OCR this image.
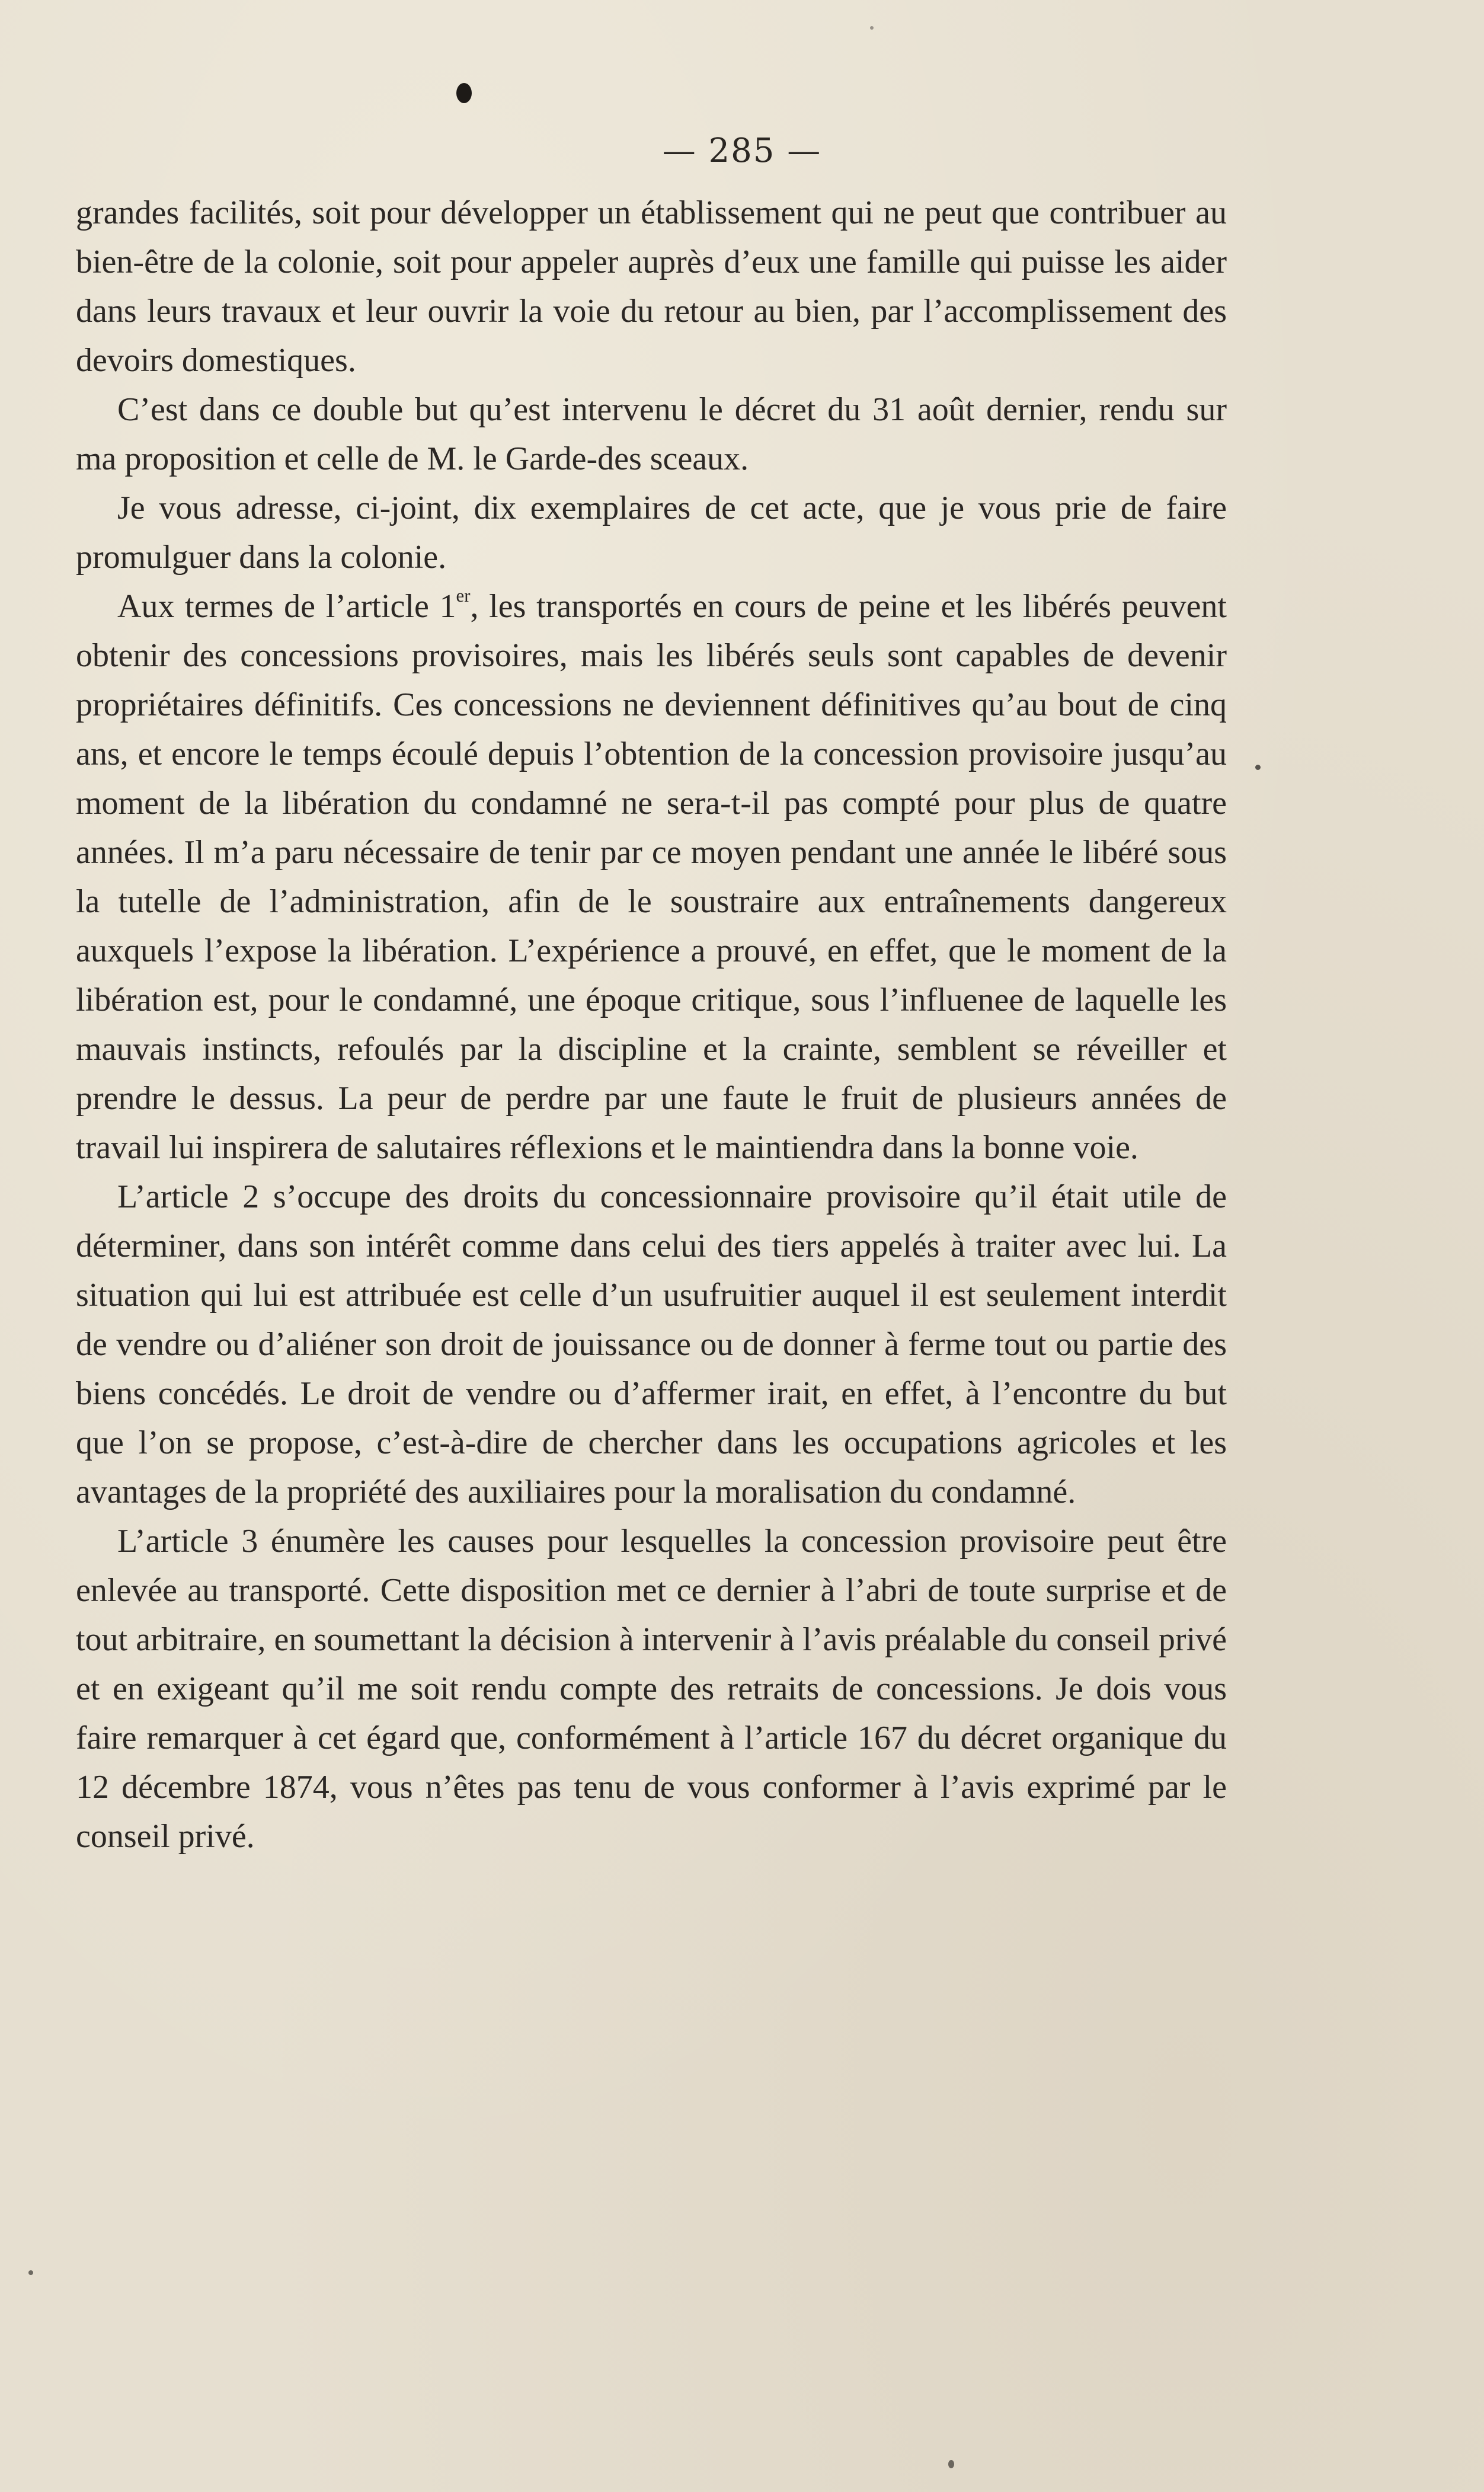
— 285 —

grandes facilités, soit pour développer un établissement qui ne peut que contribuer au bien-être de la colonie, soit pour appeler auprès d’eux une famille qui puisse les aider dans leurs travaux et leur ouvrir la voie du retour au bien, par l’accomplissement des devoirs domestiques.

C’est dans ce double but qu’est intervenu le décret du 31 août dernier, rendu sur ma proposition et celle de M. le Garde-des sceaux.

Je vous adresse, ci-joint, dix exemplaires de cet acte, que je vous prie de faire promulguer dans la colonie.

Aux termes de l’article 1er, les transportés en cours de peine et les libérés peuvent obtenir des concessions provisoires, mais les libérés seuls sont capables de devenir propriétaires définitifs. Ces concessions ne deviennent définitives qu’au bout de cinq ans, et encore le temps écoulé depuis l’obtention de la concession provisoire jusqu’au moment de la libération du condamné ne sera-t-il pas compté pour plus de quatre années. Il m’a paru nécessaire de tenir par ce moyen pendant une année le libéré sous la tutelle de l’administration, afin de le soustraire aux entraînements dangereux auxquels l’expose la libération. L’expérience a prouvé, en effet, que le moment de la libération est, pour le condamné, une époque critique, sous l’influenee de laquelle les mauvais instincts, refoulés par la discipline et la crainte, semblent se réveiller et prendre le dessus. La peur de perdre par une faute le fruit de plusieurs années de travail lui inspirera de salutaires réflexions et le maintiendra dans la bonne voie.

L’article 2 s’occupe des droits du concessionnaire provisoire qu’il était utile de déterminer, dans son intérêt comme dans celui des tiers appelés à traiter avec lui. La situation qui lui est attribuée est celle d’un usufruitier auquel il est seulement interdit de vendre ou d’aliéner son droit de jouissance ou de donner à ferme tout ou partie des biens concédés. Le droit de vendre ou d’affermer irait, en effet, à l’encontre du but que l’on se propose, c’est-à-dire de chercher dans les occupations agricoles et les avantages de la propriété des auxiliaires pour la moralisation du condamné.

L’article 3 énumère les causes pour lesquelles la concession provisoire peut être enlevée au transporté. Cette disposition met ce dernier à l’abri de toute surprise et de tout arbitraire, en soumettant la décision à intervenir à l’avis préalable du conseil privé et en exigeant qu’il me soit rendu compte des retraits de concessions. Je dois vous faire remarquer à cet égard que, conformément à l’article 167 du décret organique du 12 décembre 1874, vous n’êtes pas tenu de vous conformer à l’avis exprimé par le conseil privé.
